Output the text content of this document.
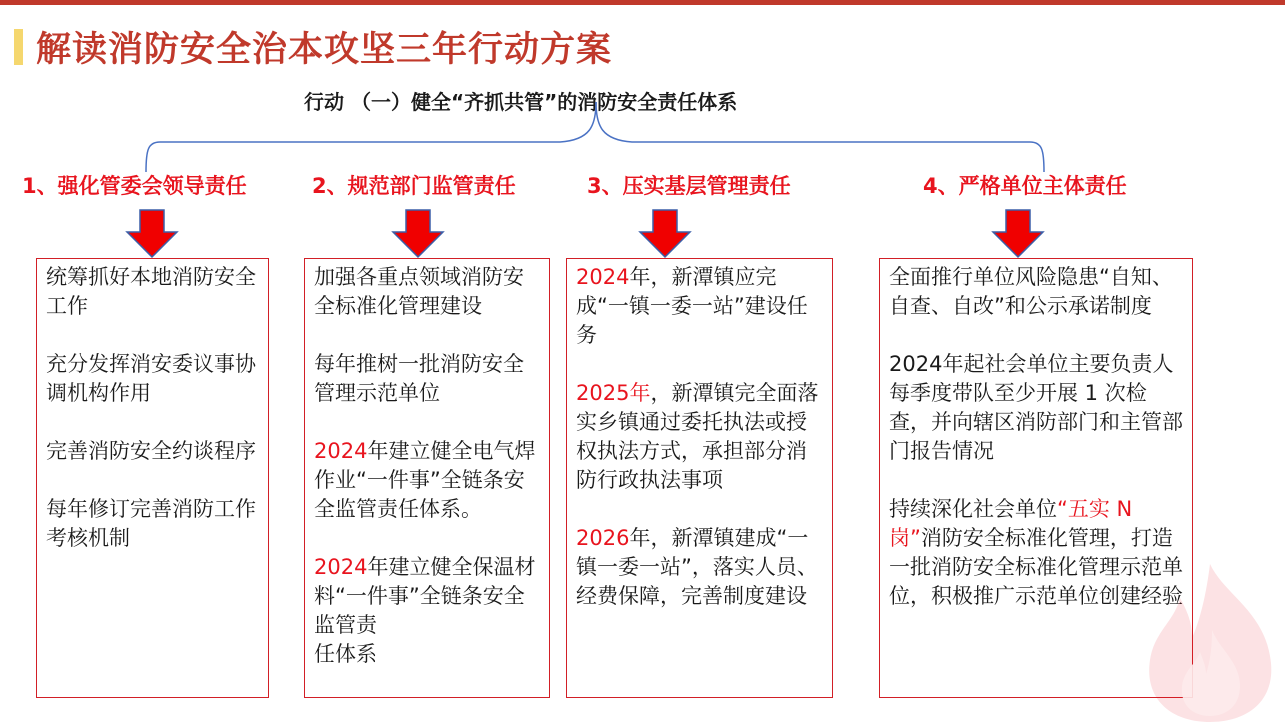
解读消防安全治本攻坚三年行动方案
行动 （一）健全“齐抓共管”的消防安全责任体系
1、强化管委会领导责任	2、规范部门监管责任	3、压实基层管理责任	4、严格单位主体责任

统筹抓好本地消防安全工作

充分发挥消安委议事协调机构作用

完善消防安全约谈程序

每年修订完善消防工作考核机制

加强各重点领域消防安全标准化管理建设

每年推树一批消防安全管理示范单位

2024年建立健全电气焊作业“一件事”全链条安全监管责任体系。

2024年建立健全保温材料“一件事”全链条安全监管责
任体系

2024年，新潭镇应完成“一镇一委一站”建设任务

2025年，新潭镇完全面落实乡镇通过委托执法或授权执法方式，承担部分消防行政执法事项

2026年，新潭镇建成“一镇一委一站”，落实人员、经费保障，完善制度建设

全面推行单位风险隐患“自知、自查、自改”和公示承诺制度

2024年起社会单位主要负责人每季度带队至少开展 1 次检查，并向辖区消防部门和主管部门报告情况

持续深化社会单位“五实 N岗”消防安全标准化管理，打造一批消防安全标准化管理示范单位，积极推广示范单位创建经验
